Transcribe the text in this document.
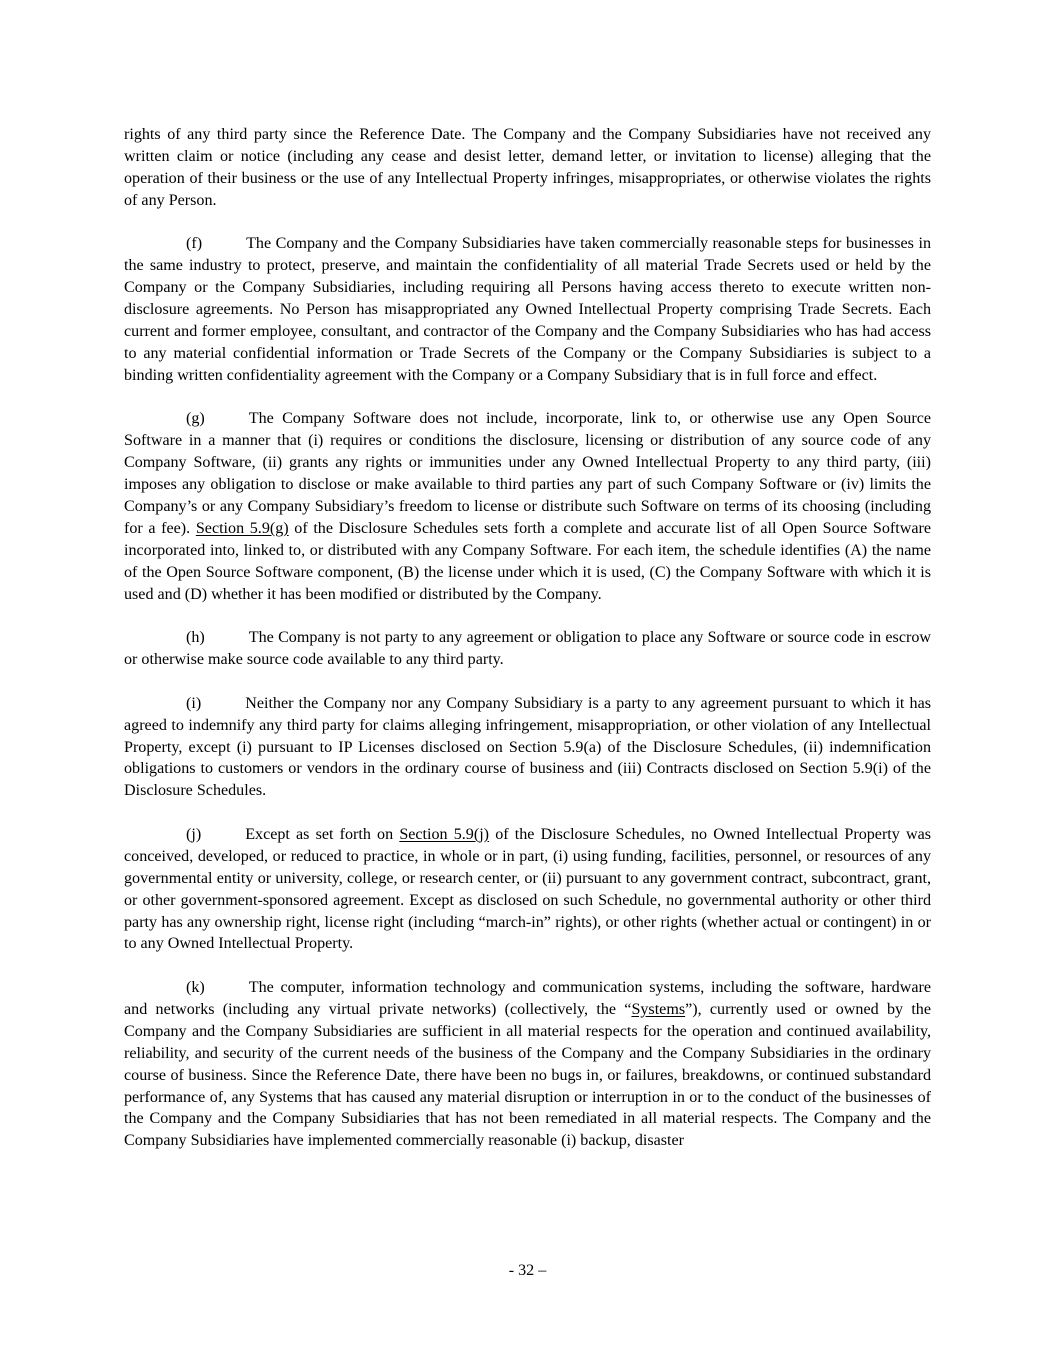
rights of any third party since the Reference Date. The Company and the Company Subsidiaries have not received any written claim or notice (including any cease and desist letter, demand letter, or invitation to license) alleging that the operation of their business or the use of any Intellectual Property infringes, misappropriates, or otherwise violates the rights of any Person.

(f)	The Company and the Company Subsidiaries have taken commercially reasonable steps for businesses in the same industry to protect, preserve, and maintain the confidentiality of all material Trade Secrets used or held by the Company or the Company Subsidiaries, including requiring all Persons having access thereto to execute written non-disclosure agreements. No Person has misappropriated any Owned Intellectual Property comprising Trade Secrets. Each current and former employee, consultant, and contractor of the Company and the Company Subsidiaries who has had access to any material confidential information or Trade Secrets of the Company or the Company Subsidiaries is subject to a binding written confidentiality agreement with the Company or a Company Subsidiary that is in full force and effect.

(g)	The Company Software does not include, incorporate, link to, or otherwise use any Open Source Software in a manner that (i) requires or conditions the disclosure, licensing or distribution of any source code of any Company Software, (ii) grants any rights or immunities under any Owned Intellectual Property to any third party, (iii) imposes any obligation to disclose or make available to third parties any part of such Company Software or (iv) limits the Company’s or any Company Subsidiary’s freedom to license or distribute such Software on terms of its choosing (including for a fee). Section 5.9(g) of the Disclosure Schedules sets forth a complete and accurate list of all Open Source Software incorporated into, linked to, or distributed with any Company Software. For each item, the schedule identifies (A) the name of the Open Source Software component, (B) the license under which it is used, (C) the Company Software with which it is used and (D) whether it has been modified or distributed by the Company.

(h)	The Company is not party to any agreement or obligation to place any Software or source code in escrow or otherwise make source code available to any third party.

(i)	Neither the Company nor any Company Subsidiary is a party to any agreement pursuant to which it has agreed to indemnify any third party for claims alleging infringement, misappropriation, or other violation of any Intellectual Property, except (i) pursuant to IP Licenses disclosed on Section 5.9(a) of the Disclosure Schedules, (ii) indemnification obligations to customers or vendors in the ordinary course of business and (iii) Contracts disclosed on Section 5.9(i) of the Disclosure Schedules.

(j)	Except as set forth on Section 5.9(j) of the Disclosure Schedules, no Owned Intellectual Property was conceived, developed, or reduced to practice, in whole or in part, (i) using funding, facilities, personnel, or resources of any governmental entity or university, college, or research center, or (ii) pursuant to any government contract, subcontract, grant, or other government-sponsored agreement. Except as disclosed on such Schedule, no governmental authority or other third party has any ownership right, license right (including “march-in” rights), or other rights (whether actual or contingent) in or to any Owned Intellectual Property.

(k)	The computer, information technology and communication systems, including the software, hardware and networks (including any virtual private networks) (collectively, the “Systems”), currently used or owned by the Company and the Company Subsidiaries are sufficient in all material respects for the operation and continued availability, reliability, and security of the current needs of the business of the Company and the Company Subsidiaries in the ordinary course of business. Since the Reference Date, there have been no bugs in, or failures, breakdowns, or continued substandard performance of, any Systems that has caused any material disruption or interruption in or to the conduct of the businesses of the Company and the Company Subsidiaries that has not been remediated in all material respects. The Company and the Company Subsidiaries have implemented commercially reasonable (i) backup, disaster

- 32 –
